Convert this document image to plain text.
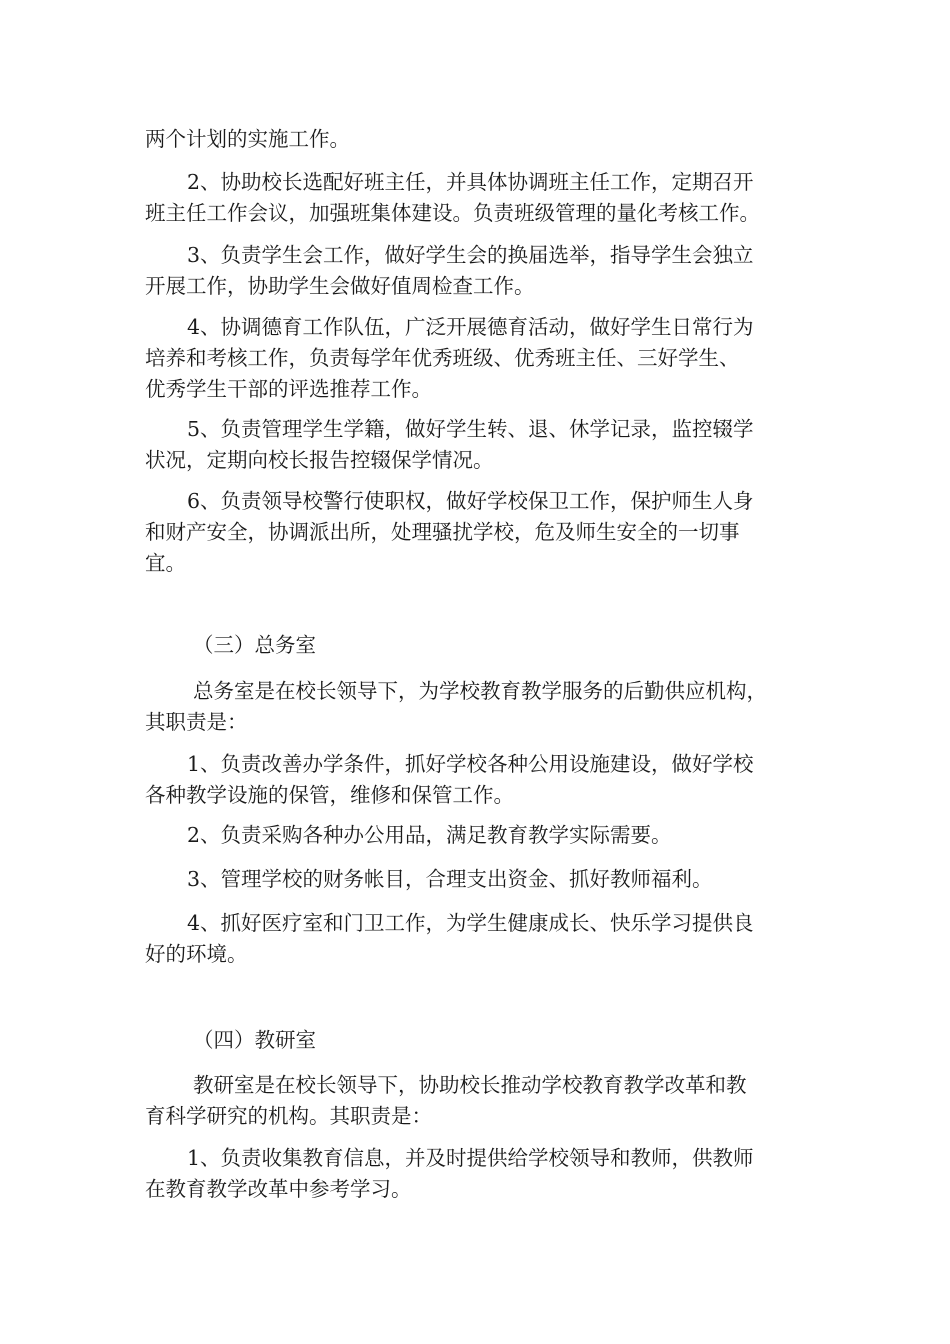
两个计划的实施工作。
2、协助校长选配好班主任，并具体协调班主任工作，定期召开
班主任工作会议，加强班集体建设。负责班级管理的量化考核工作。
3、负责学生会工作，做好学生会的换届选举，指导学生会独立
开展工作，协助学生会做好值周检查工作。
4、协调德育工作队伍，广泛开展德育活动，做好学生日常行为
培养和考核工作，负责每学年优秀班级、优秀班主任、三好学生、
优秀学生干部的评选推荐工作。
5、负责管理学生学籍，做好学生转、退、休学记录，监控辍学
状况，定期向校长报告控辍保学情况。
6、负责领导校警行使职权，做好学校保卫工作，保护师生人身
和财产安全，协调派出所，处理骚扰学校，危及师生安全的一切事
宜。
（三）总务室
总务室是在校长领导下，为学校教育教学服务的后勤供应机构，
其职责是：
1、负责改善办学条件，抓好学校各种公用设施建设，做好学校
各种教学设施的保管，维修和保管工作。
2、负责采购各种办公用品，满足教育教学实际需要。
3、管理学校的财务帐目，合理支出资金、抓好教师福利。
4、抓好医疗室和门卫工作，为学生健康成长、快乐学习提供良
好的环境。
（四）教研室
教研室是在校长领导下，协助校长推动学校教育教学改革和教
育科学研究的机构。其职责是：
1、负责收集教育信息，并及时提供给学校领导和教师，供教师
在教育教学改革中参考学习。
